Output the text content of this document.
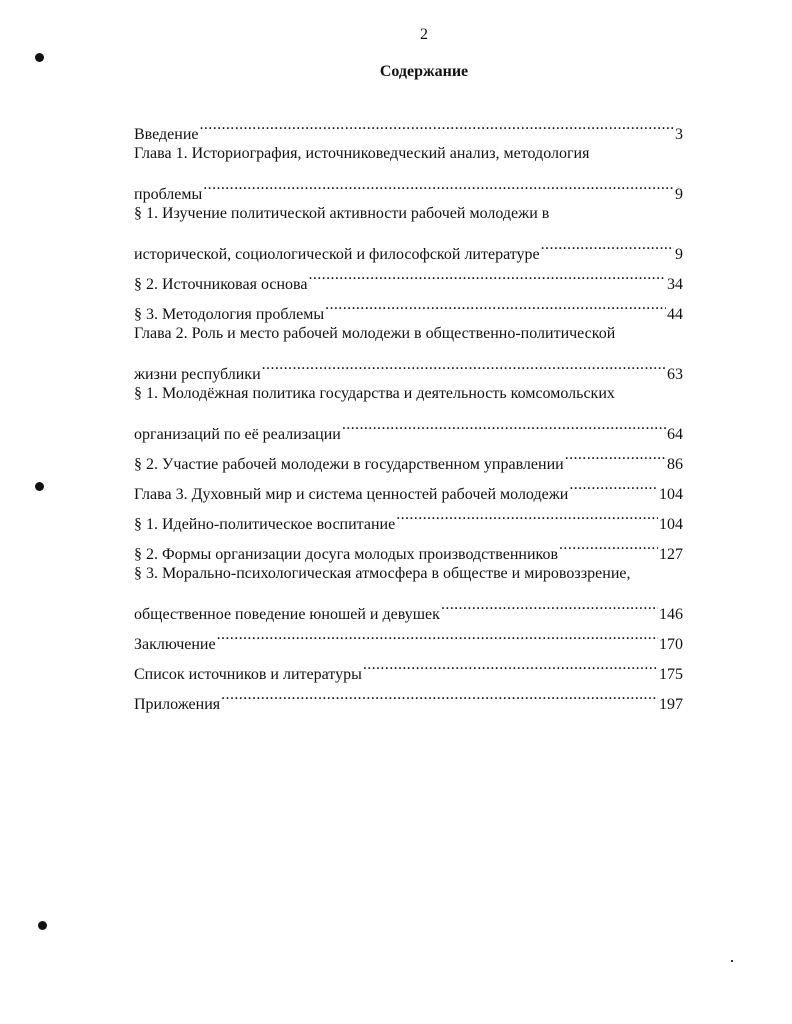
2
Содержание
Введение .....	3
Глава 1. Историография, источниковедческий анализ, методология
проблемы .....	9
§ 1. Изучение политической активности рабочей молодежи в
исторической, социологической и философской литературе .....	9
§ 2. Источниковая основа .....	34
§ 3. Методология проблемы .....	44
Глава 2. Роль и место рабочей молодежи в общественно-политической
жизни республики .....	63
§ 1. Молодёжная политика государства и деятельность комсомольских
организаций по её реализации .....	64
§ 2. Участие рабочей молодежи в государственном управлении .....	86
Глава 3. Духовный мир и система ценностей рабочей молодежи .....	104
§ 1. Идейно-политическое воспитание .....	104
§ 2. Формы организации досуга молодых производственников .....	127
§ 3. Морально-психологическая атмосфера в обществе и мировоззрение,
общественное поведение юношей и девушек .....	146
Заключение .....	170
Список источников и литературы .....	175
Приложения .....	197
